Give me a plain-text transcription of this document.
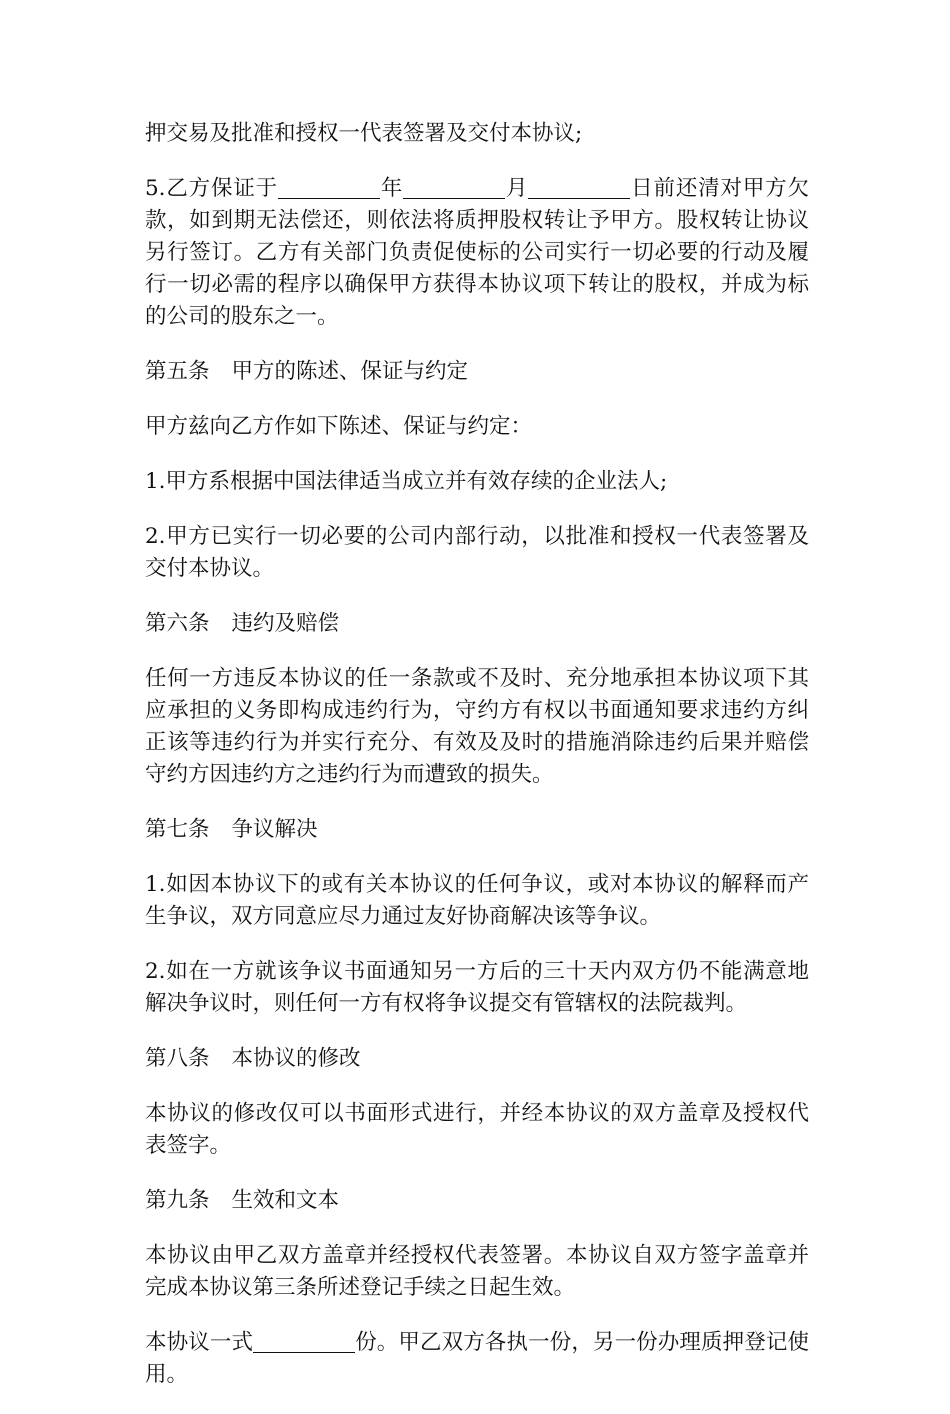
押交易及批准和授权一代表签署及交付本协议;

5.乙方保证于	年	月	日前还清对甲方欠款，如到期无法偿还，则依法将质押股权转让予甲方。股权转让协议另行签订。乙方有关部门负责促使标的公司实行一切必要的行动及履行一切必需的程序以确保甲方获得本协议项下转让的股权，并成为标的公司的股东之一。

第五条 甲方的陈述、保证与约定

甲方兹向乙方作如下陈述、保证与约定：

1.甲方系根据中国法律适当成立并有效存续的企业法人;

2.甲方已实行一切必要的公司内部行动，以批准和授权一代表签署及交付本协议。

第六条 违约及赔偿

任何一方违反本协议的任一条款或不及时、充分地承担本协议项下其应承担的义务即构成违约行为，守约方有权以书面通知要求违约方纠正该等违约行为并实行充分、有效及及时的措施消除违约后果并赔偿守约方因违约方之违约行为而遭致的损失。

第七条 争议解决

1.如因本协议下的或有关本协议的任何争议，或对本协议的解释而产生争议，双方同意应尽力通过友好协商解决该等争议。

2.如在一方就该争议书面通知另一方后的三十天内双方仍不能满意地解决争议时，则任何一方有权将争议提交有管辖权的法院裁判。

第八条 本协议的修改

本协议的修改仅可以书面形式进行，并经本协议的双方盖章及授权代表签字。

第九条 生效和文本

本协议由甲乙双方盖章并经授权代表签署。本协议自双方签字盖章并完成本协议第三条所述登记手续之日起生效。

本协议一式	份。甲乙双方各执一份，另一份办理质押登记使用。
